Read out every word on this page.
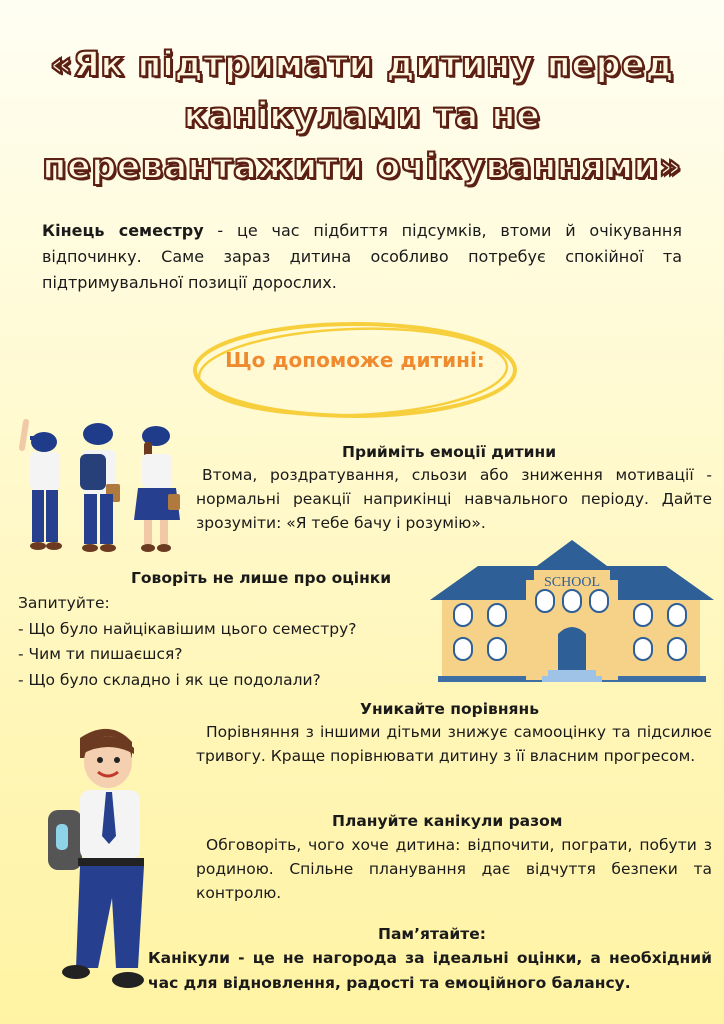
«Як підтримати дитину перед
канікулами та не
перевантажити очікуваннями»
Кінець семестру - це час підбиття підсумків, втоми й очікування відпочинку. Саме зараз дитина особливо потребує спокійної та підтримувальної позиції дорослих.
Що допоможе дитині:
Прийміть емоції дитини
Втома, роздратування, сльози або зниження мотивації - нормальні реакції наприкінці навчального періоду. Дайте зрозуміти: «Я тебе бачу і розумію».
Говоріть не лише про оцінки
Запитуйте:
- Що було найцікавішим цього семестру?
- Чим ти пишаєшся?
- Що було складно і як це подолали?
SCHOOL
Уникайте порівнянь
Порівняння з іншими дітьми знижує самооцінку та підсилює тривогу. Краще порівнювати дитину з її власним прогресом.
Плануйте канікули разом
Обговоріть, чого хоче дитина: відпочити, пограти, побути з родиною. Спільне планування дає відчуття безпеки та контролю.
Пам’ятайте:
Канікули - це не нагорода за ідеальні оцінки, а необхідний час для відновлення, радості та емоційного балансу.
